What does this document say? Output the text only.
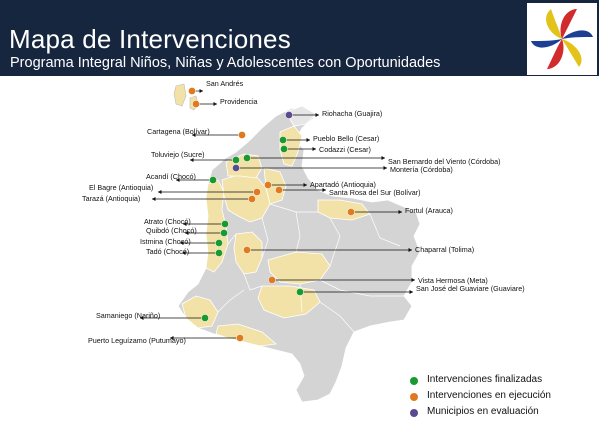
Mapa de Intervenciones
Programa Integral Niños, Niñas y Adolescentes con Oportunidades
San Andrés
Providencia
Riohacha (Guajira)
Cartagena (Bolívar)
Pueblo Bello (Cesar)
Codazzi (Cesar)
Toluviejo (Sucre)
San Bernardo del Viento (Córdoba)
Montería (Córdoba)
Acandí (Chocó)
Apartadó (Antioquia)
El Bagre (Antioquia)
Santa Rosa del Sur (Bolívar)
Tarazá (Antioquia)
Fortul (Arauca)
Atrato (Chocó)
Quibdó (Chocó)
Istmina (Chocó)
Tadó (Chocó)	Chaparral (Tolima)
Vista Hermosa (Meta)
San José del Guaviare (Guaviare)
Samaniego (Nariño)
Puerto Leguízamo (Putumayo)
Intervenciones finalizadas
Intervenciones en ejecución
Municipios en evaluación
